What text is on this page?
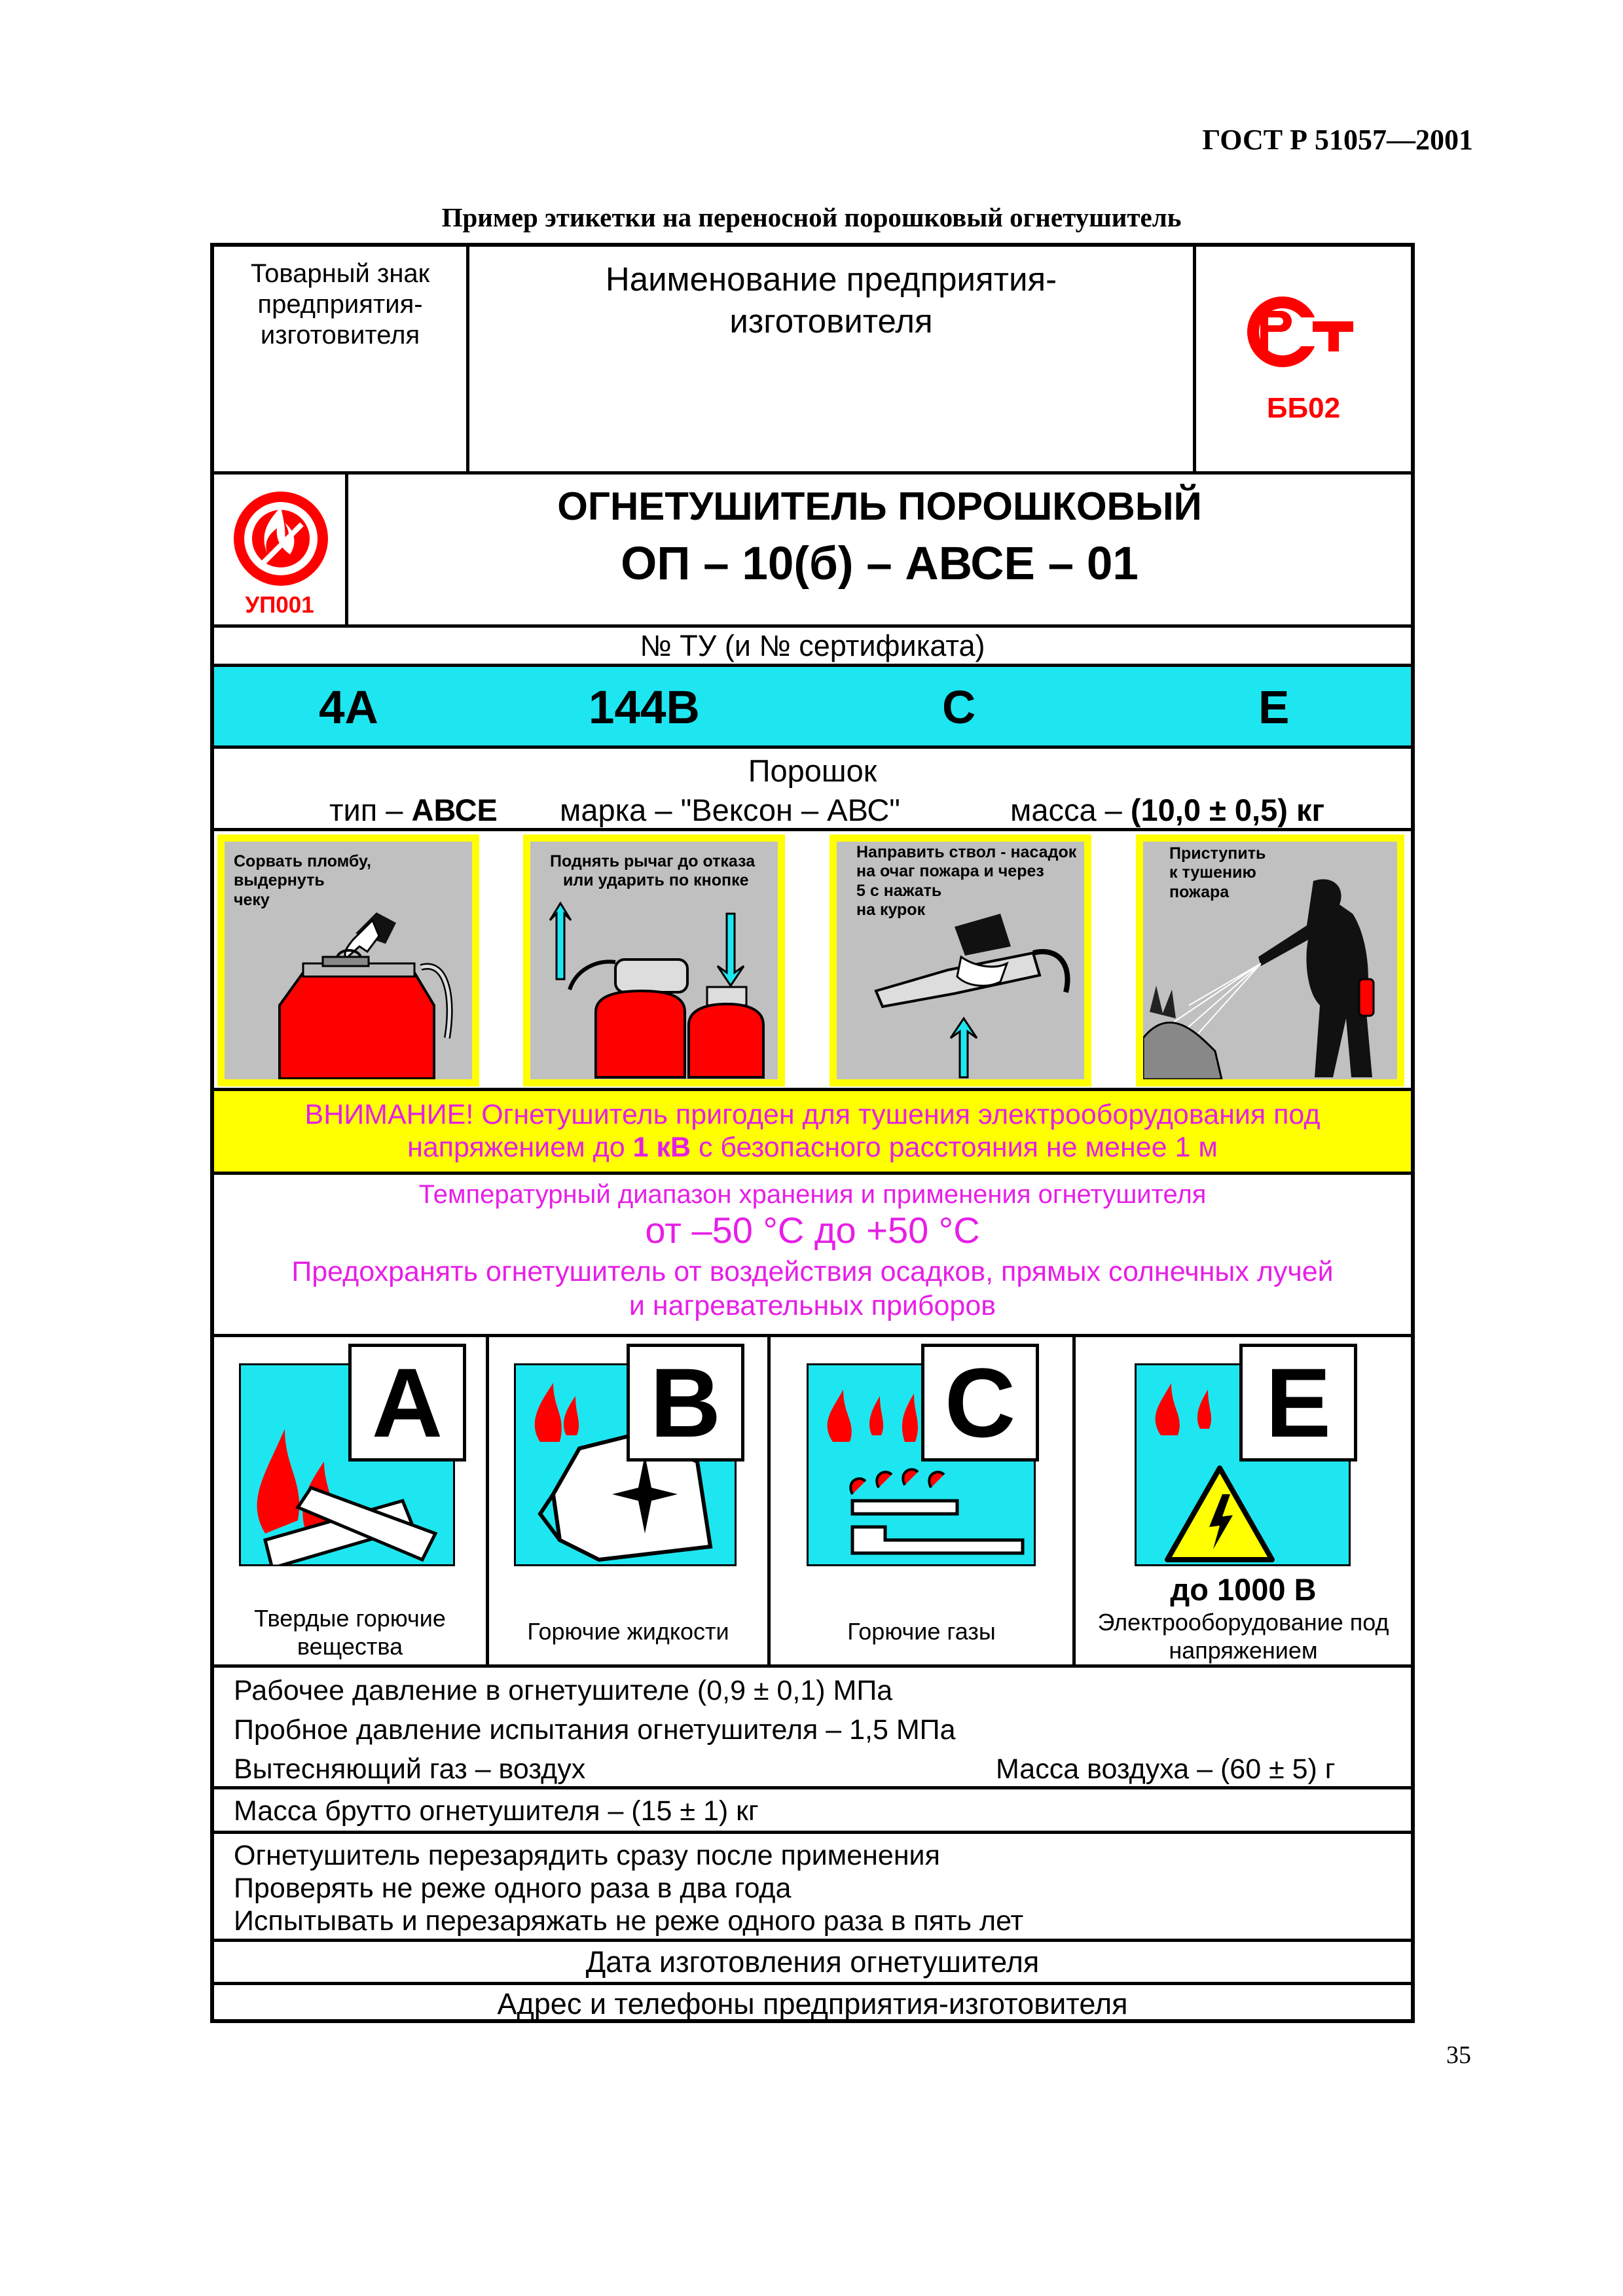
ГОСТ Р 51057—2001
Пример этикетки на переносной порошковый огнетушитель
Товарный знак
предприятия-
изготовителя
Наименование предприятия-
изготовителя
ББ02
УП001
ОГНЕТУШИТЕЛЬ ПОРОШКОВЫЙ
ОП – 10(б) – АВСЕ – 01
№ ТУ (и № сертификата)
4А	144В	С	Е
Порошок
тип – АВСЕ марка – "Вексон – АВС"	масса – (10,0 ± 0,5) кг
Сорвать пломбу,
выдернуть
чеку
Поднять рычаг до отказа
или ударить по кнопке
Направить ствол - насадок
на очаг пожара и через
5 с нажать
на курок
Приступить
к тушению
пожара
ВНИМАНИЕ! Огнетушитель пригоден для тушения электрооборудования под
напряжением до 1 кВ с безопасного расстояния не менее 1 м
Температурный диапазон хранения и применения огнетушителя
от –50 °С до +50 °С
Предохранять огнетушитель от воздействия осадков, прямых солнечных лучей
и нагревательных приборов
A
Твердые горючие
вещества
B
Горючие жидкости
C
Горючие газы
E
до 1000 В
Электрооборудование под
напряжением
Рабочее давление в огнетушителе (0,9 ± 0,1) МПа
Пробное давление испытания огнетушителя – 1,5 МПа
Вытесняющий газ – воздух	Масса воздуха – (60 ± 5) г
Масса брутто огнетушителя – (15 ± 1) кг
Огнетушитель перезарядить сразу после применения
Проверять не реже одного раза в два года
Испытывать и перезаряжать не реже одного раза в пять лет
Дата изготовления огнетушителя
Адрес и телефоны предприятия-изготовителя
35
